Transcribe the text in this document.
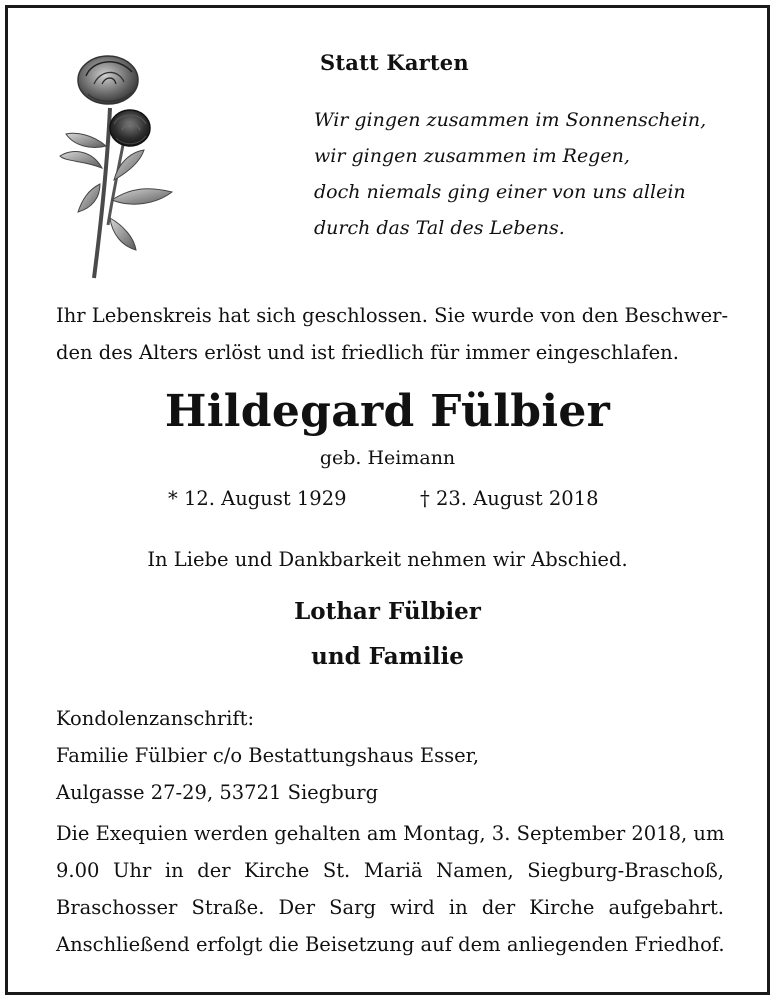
Statt Karten
Wir gingen zusammen im Sonnenschein,
wir gingen zusammen im Regen,
doch niemals ging einer von uns allein
durch das Tal des Lebens.
Ihr Lebenskreis hat sich geschlossen. Sie wurde von den Beschwer-
den des Alters erlöst und ist friedlich für immer eingeschlafen.
Hildegard Fülbier
geb. Heimann
* 12. August 1929	† 23. August 2018
In Liebe und Dankbarkeit nehmen wir Abschied.
Lothar Fülbier
und Familie
Kondolenzanschrift:
Familie Fülbier c/o Bestattungshaus Esser,
Aulgasse 27-29, 53721 Siegburg
Die Exequien werden gehalten am Montag, 3. September 2018, um
9.00 Uhr in der Kirche St. Mariä Namen, Siegburg-Braschoß,
Braschosser Straße. Der Sarg wird in der Kirche aufgebahrt.
Anschließend erfolgt die Beisetzung auf dem anliegenden Friedhof.
